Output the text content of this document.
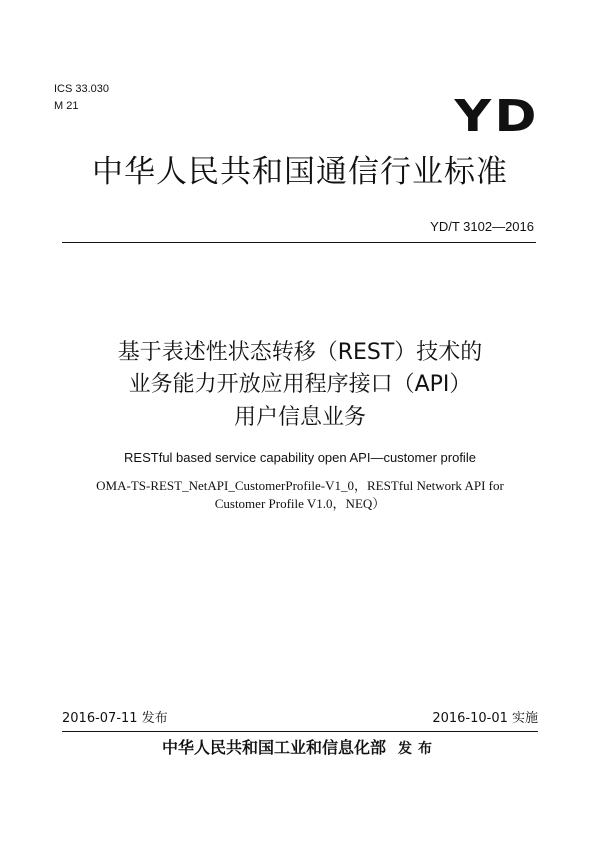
ICS 33.030
M 21	YD
中华人民共和国通信行业标准
YD/T 3102—2016
基于表述性状态转移（REST）技术的
业务能力开放应用程序接口（API）
用户信息业务
RESTful based service capability open API—customer profile
OMA-TS-REST_NetAPI_CustomerProfile-V1_0，RESTful Network API for
Customer Profile V1.0，NEQ）
2016-07-11 发布	2016-10-01 实施
中华人民共和国工业和信息化部 发布
